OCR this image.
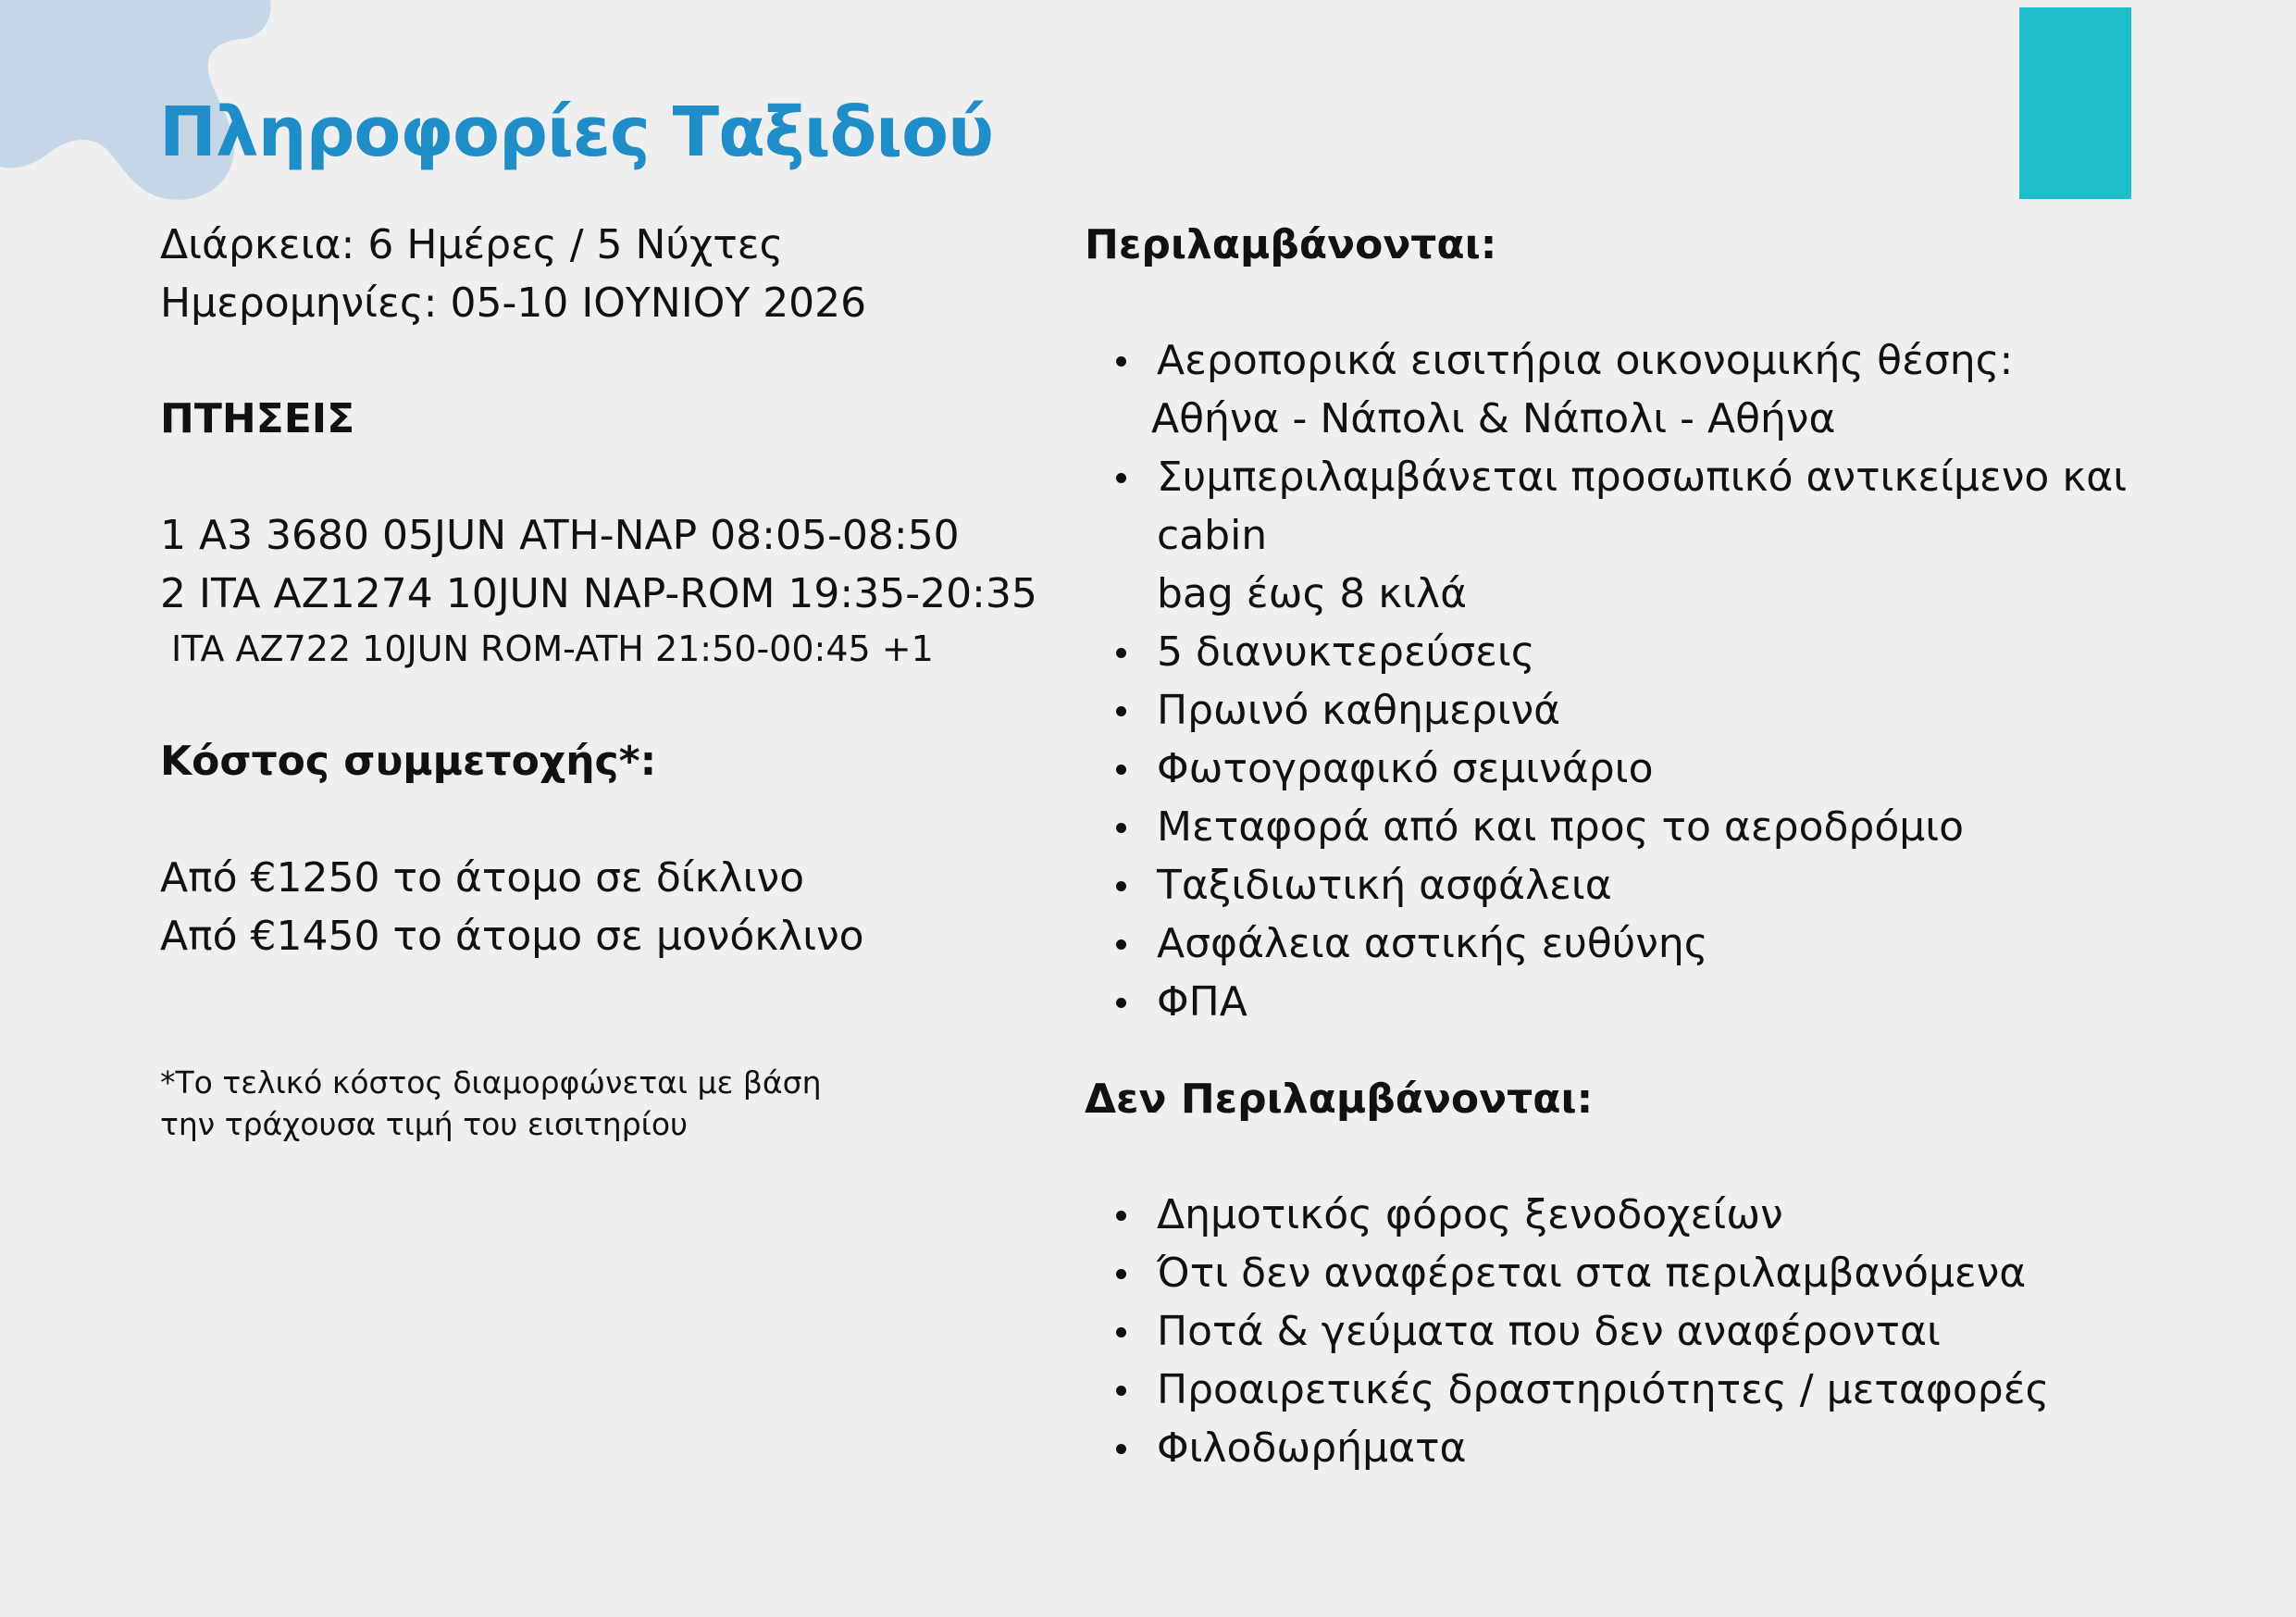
Πληροφορίες Ταξιδιού
Διάρκεια: 6 Ημέρες / 5 Νύχτες
Ημερομηνίες: 05-10 ΙΟΥΝΙΟΥ 2026
ΠΤΗΣΕΙΣ
1 A3 3680 05JUN ATH-NAP 08:05-08:50
2 ITA AZ1274 10JUN NAP-ROM 19:35-20:35
ITA AZ722 10JUN ROM-ATH 21:50-00:45 +1
Κόστος συμμετοχής*:
Από €1250 το άτομο σε δίκλινο
Από €1450 το άτομο σε μονόκλινο
*Το τελικό κόστος διαμορφώνεται με βάση την τράχουσα τιμή του εισιτηρίου
Περιλαμβάνονται:
Αεροπορικά εισιτήρια οικονομικής θέσης:
Αθήνα - Νάπολι & Νάπολι - Αθήνα
Συμπεριλαμβάνεται προσωπικό αντικείμενο και cabin
bag έως 8 κιλά
5 διανυκτερεύσεις
Πρωινό καθημερινά
Φωτογραφικό σεμινάριο
Μεταφορά από και προς το αεροδρόμιο
Ταξιδιωτική ασφάλεια
Ασφάλεια αστικής ευθύνης
ΦΠΑ
Δεν Περιλαμβάνονται:
Δημοτικός φόρος ξενοδοχείων
Ότι δεν αναφέρεται στα περιλαμβανόμενα
Ποτά & γεύματα που δεν αναφέρονται
Προαιρετικές δραστηριότητες / μεταφορές
Φιλοδωρήματα
